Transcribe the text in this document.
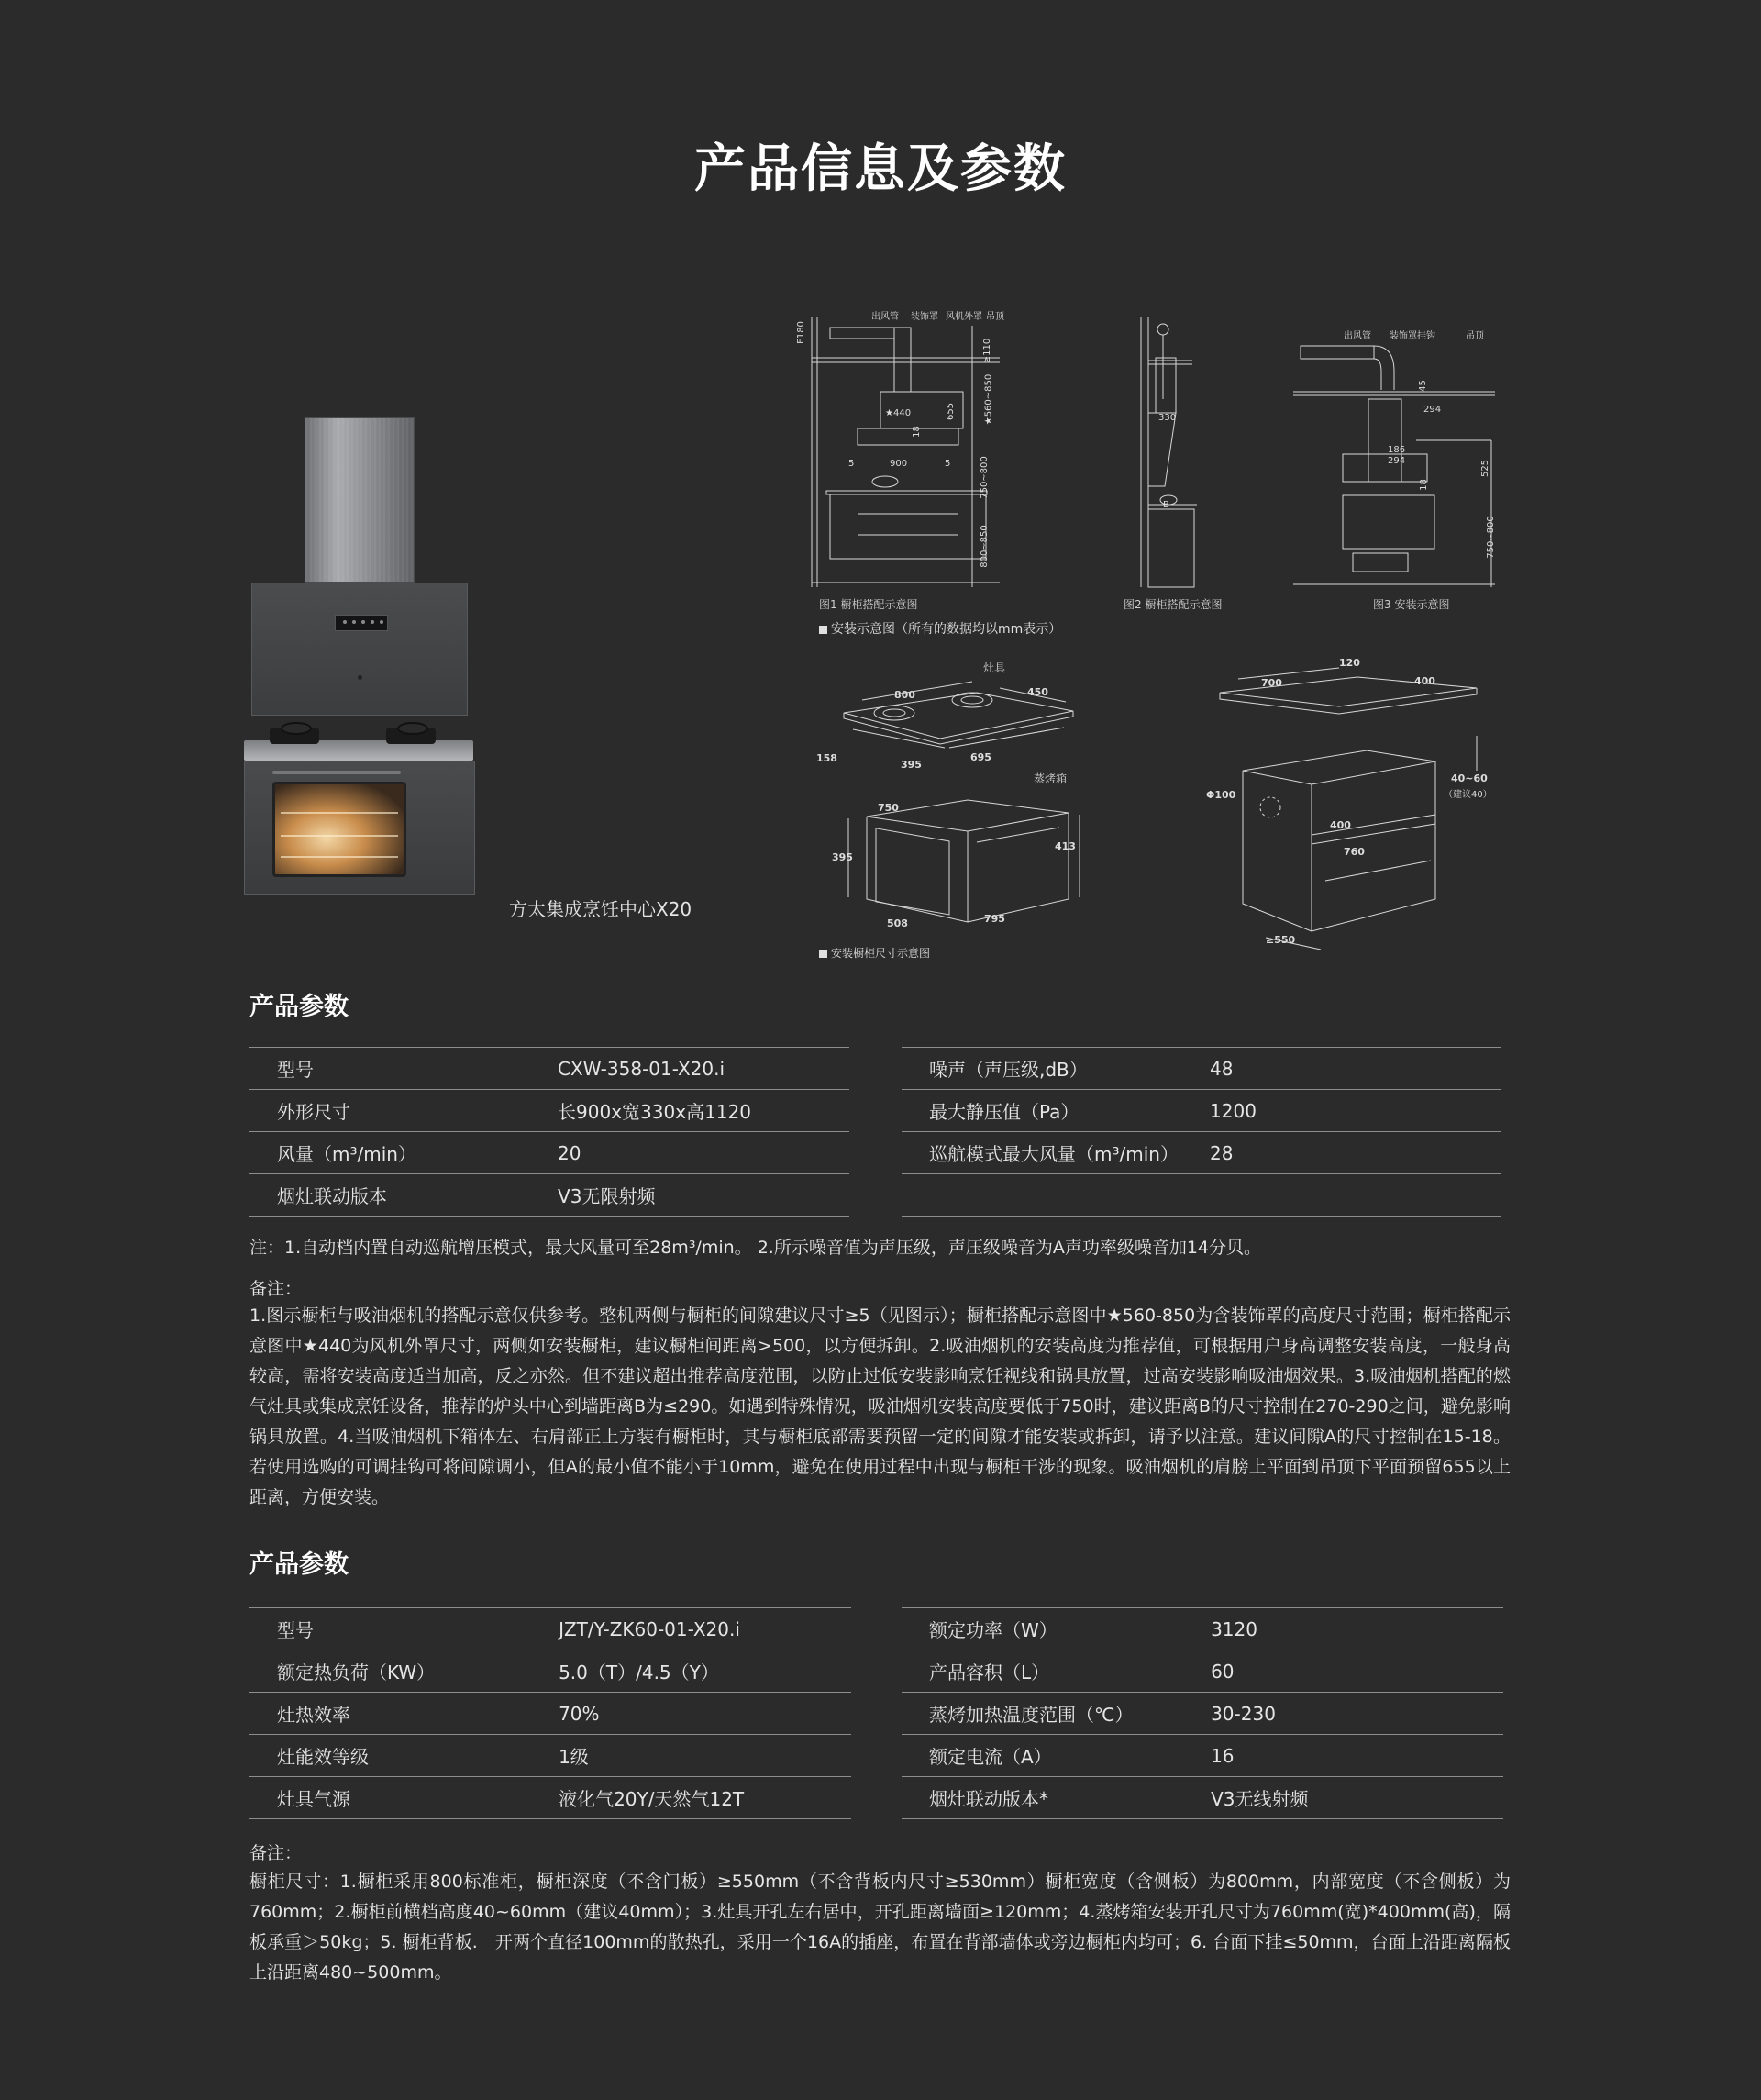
产品信息及参数
方太集成烹饪中心X20
出风管 装饰罩 风机外罩 吊顶
F180
≥110
★440
18
655	★560~850
5	900	5	750~800
800~850
图1 橱柜搭配示意图
330
B
图2 橱柜搭配示意图
出风管 装饰罩挂钩	吊顶
45
294
186
294
18
525
750~800
图3 安装示意图
安装示意图（所有的数据均以mm表示）
灶具
800	450
158
395
695
蒸烤箱
750
395
413
508	795
安装橱柜尺寸示意图
120
700	400
Φ100
40~60
（建议40）
400
760
≥550
产品参数
型号	CXW-358-01-X20.i
外形尺寸	长900x宽330x高1120
风量（m³/min）	20
烟灶联动版本	V3无限射频
噪声（声压级,dB）	48
最大静压值（Pa）	1200
巡航模式最大风量（m³/min）	28

注：1.自动档内置自动巡航增压模式，最大风量可至28m³/min。 2.所示噪音值为声压级，声压级噪音为A声功率级噪音加14分贝。
备注：
1.图示橱柜与吸油烟机的搭配示意仅供参考。整机两侧与橱柜的间隙建议尺寸≥5（见图示）；橱柜搭配示意图中★560-850为含装饰罩的高度尺寸范围；橱柜搭配示意图中★440为风机外罩尺寸，两侧如安装橱柜，建议橱柜间距离>500，以方便拆卸。2.吸油烟机的安装高度为推荐值，可根据用户身高调整安装高度，一般身高较高，需将安装高度适当加高，反之亦然。但不建议超出推荐高度范围，以防止过低安装影响烹饪视线和锅具放置，过高安装影响吸油烟效果。3.吸油烟机搭配的燃气灶具或集成烹饪设备，推荐的炉头中心到墙距离B为≤290。如遇到特殊情况，吸油烟机安装高度要低于750时，建议距离B的尺寸控制在270-290之间，避免影响锅具放置。4.当吸油烟机下箱体左、右肩部正上方装有橱柜时，其与橱柜底部需要预留一定的间隙才能安装或拆卸，请予以注意。建议间隙A的尺寸控制在15-18。若使用选购的可调挂钩可将间隙调小，但A的最小值不能小于10mm，避免在使用过程中出现与橱柜干涉的现象。吸油烟机的肩膀上平面到吊顶下平面预留655以上距离，方便安装。
产品参数
型号	JZT/Y-ZK60-01-X20.i
额定热负荷（KW）	5.0（T）/4.5（Y）
灶热效率	70%
灶能效等级	1级
灶具气源	液化气20Y/天然气12T
额定功率（W）	3120
产品容积（L）	60
蒸烤加热温度范围（℃）	30-230
额定电流（A）	16
烟灶联动版本*	V3无线射频
备注：
橱柜尺寸：1.橱柜采用800标准柜，橱柜深度（不含门板）≥550mm（不含背板内尺寸≥530mm）橱柜宽度（含侧板）为800mm，内部宽度（不含侧板）为760mm；2.橱柜前横档高度40~60mm（建议40mm）；3.灶具开孔左右居中，开孔距离墙面≥120mm；4.蒸烤箱安装开孔尺寸为760mm(宽)*400mm(高)，隔板承重＞50kg；5. 橱柜背板.　开两个直径100mm的散热孔，采用一个16A的插座，布置在背部墙体或旁边橱柜内均可；6. 台面下挂≤50mm，台面上沿距离隔板上沿距离480~500mm。
